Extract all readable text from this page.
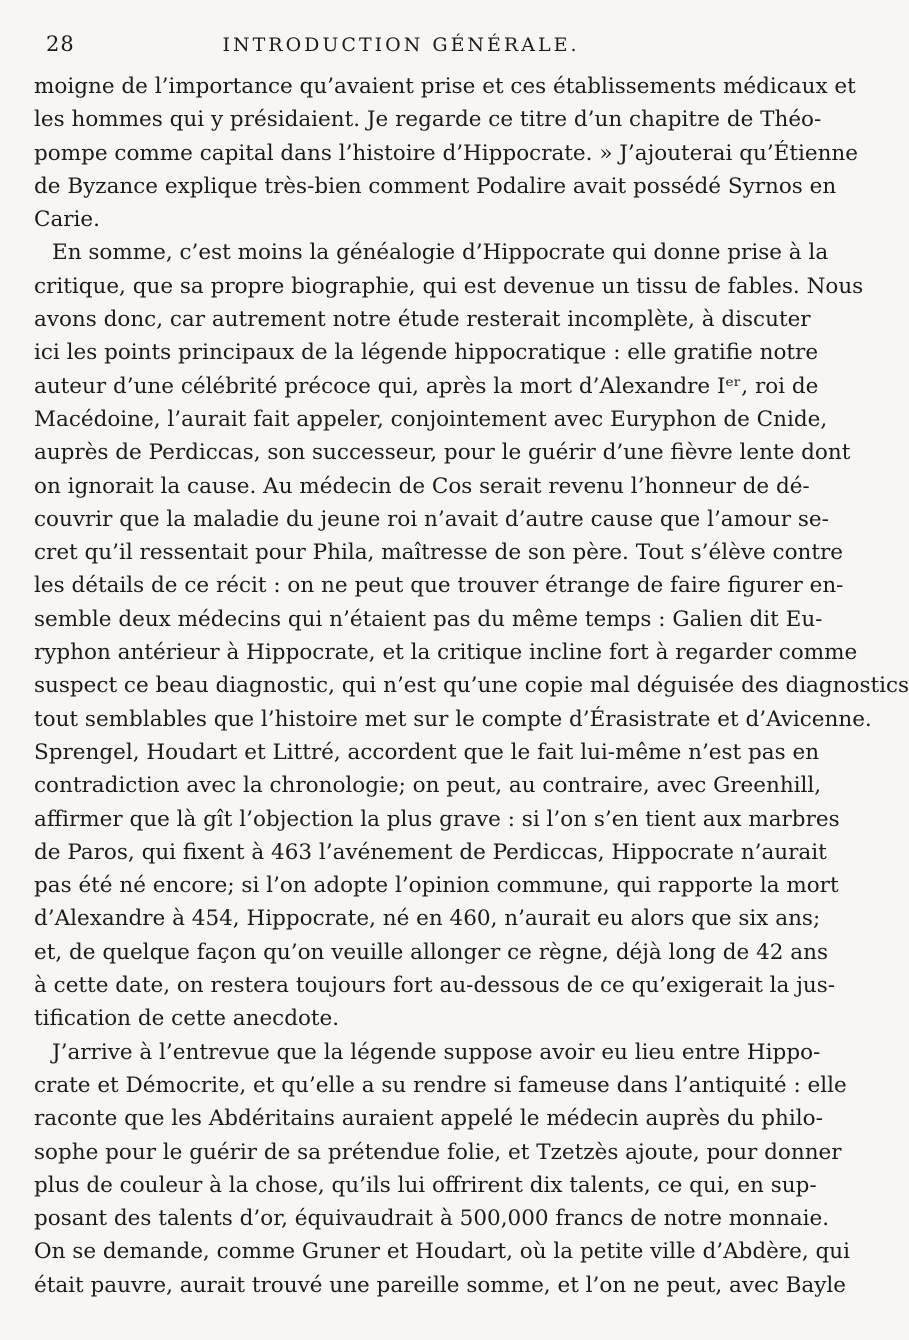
28	INTRODUCTION GÉNÉRALE.
moigne de l’importance qu’avaient prise et ces établissements médicaux et
les hommes qui y présidaient. Je regarde ce titre d’un chapitre de Théo-
pompe comme capital dans l’histoire d’Hippocrate. » J’ajouterai qu’Étienne
de Byzance explique très-bien comment Podalire avait possédé Syrnos en
Carie.
En somme, c’est moins la généalogie d’Hippocrate qui donne prise à la
critique, que sa propre biographie, qui est devenue un tissu de fables. Nous
avons donc, car autrement notre étude resterait incomplète, à discuter
ici les points principaux de la légende hippocratique : elle gratifie notre
auteur d’une célébrité précoce qui, après la mort d’Alexandre Iᵉʳ, roi de
Macédoine, l’aurait fait appeler, conjointement avec Euryphon de Cnide,
auprès de Perdiccas, son successeur, pour le guérir d’une fièvre lente dont
on ignorait la cause. Au médecin de Cos serait revenu l’honneur de dé-
couvrir que la maladie du jeune roi n’avait d’autre cause que l’amour se-
cret qu’il ressentait pour Phila, maîtresse de son père. Tout s’élève contre
les détails de ce récit : on ne peut que trouver étrange de faire figurer en-
semble deux médecins qui n’étaient pas du même temps : Galien dit Eu-
ryphon antérieur à Hippocrate, et la critique incline fort à regarder comme
suspect ce beau diagnostic, qui n’est qu’une copie mal déguisée des diagnostics
tout semblables que l’histoire met sur le compte d’Érasistrate et d’Avicenne.
Sprengel, Houdart et Littré, accordent que le fait lui-même n’est pas en
contradiction avec la chronologie; on peut, au contraire, avec Greenhill,
affirmer que là gît l’objection la plus grave : si l’on s’en tient aux marbres
de Paros, qui fixent à 463 l’avénement de Perdiccas, Hippocrate n’aurait
pas été né encore; si l’on adopte l’opinion commune, qui rapporte la mort
d’Alexandre à 454, Hippocrate, né en 460, n’aurait eu alors que six ans;
et, de quelque façon qu’on veuille allonger ce règne, déjà long de 42 ans
à cette date, on restera toujours fort au-dessous de ce qu’exigerait la jus-
tification de cette anecdote.
J’arrive à l’entrevue que la légende suppose avoir eu lieu entre Hippo-
crate et Démocrite, et qu’elle a su rendre si fameuse dans l’antiquité : elle
raconte que les Abdéritains auraient appelé le médecin auprès du philo-
sophe pour le guérir de sa prétendue folie, et Tzetzès ajoute, pour donner
plus de couleur à la chose, qu’ils lui offrirent dix talents, ce qui, en sup-
posant des talents d’or, équivaudrait à 500,000 francs de notre monnaie.
On se demande, comme Gruner et Houdart, où la petite ville d’Abdère, qui
était pauvre, aurait trouvé une pareille somme, et l’on ne peut, avec Bayle
